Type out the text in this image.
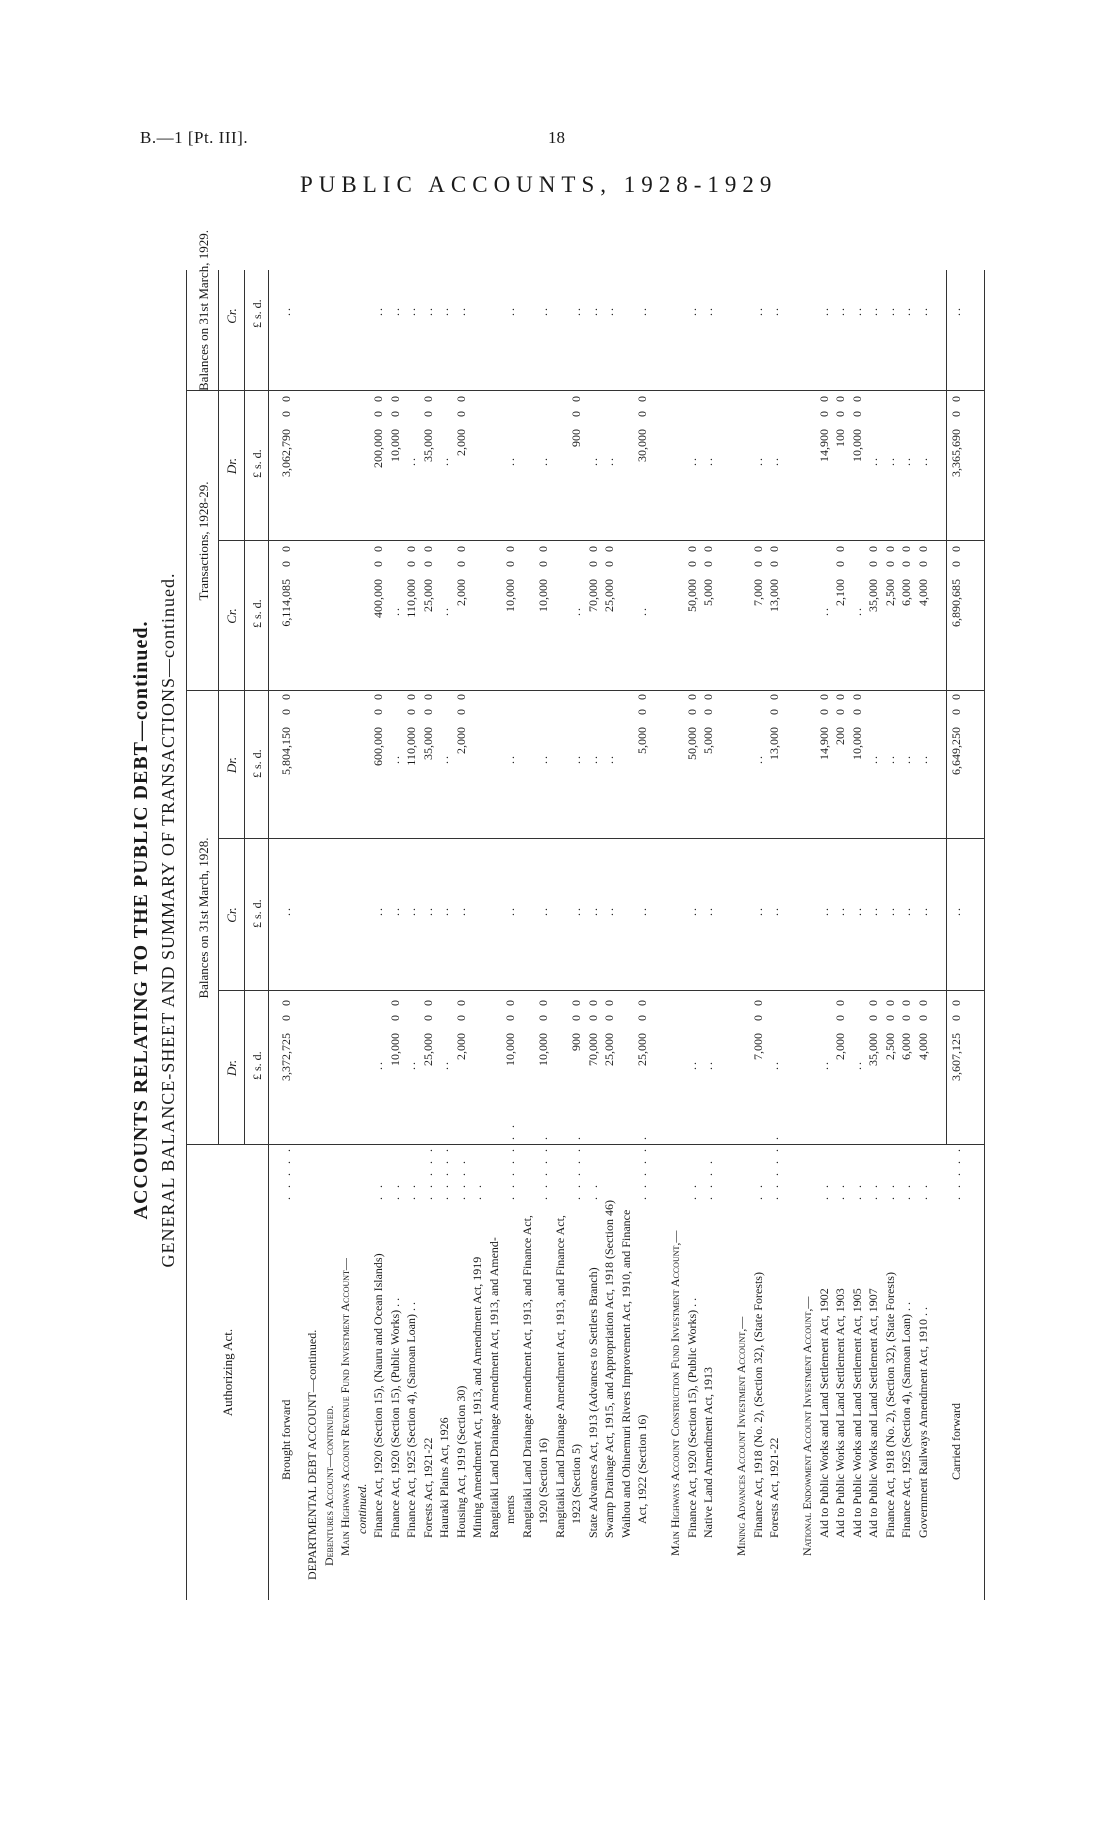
B.—1 [Pt. III].	18
PUBLIC ACCOUNTS, 1928-1929
ACCOUNTS RELATING TO THE PUBLIC DEBT—continued. GENERAL BALANCE-SHEET AND SUMMARY OF TRANSACTIONS—continued.
Authorizing Act.
Balances on 31st March, 1928.
Transactions, 1928-29.
Balances on 31st March, 1929.
Dr.
Cr.
Dr.
Cr.
Dr.
Cr.
£ s. d.
£ s. d.
£ s. d.
£ s. d.
£ s. d.
£ s. d.
Brought forward
. . . . .
3,372,725
0
0
..
5,804,150
0
0
6,114,085
0
0
3,062,790
0
0
..
DEPARTMENTAL DEBT ACCOUNT—continued. Debentures Account—continued. Main Highways Account Revenue Fund Investment Account— continued. Finance Act, 1920 (Section 15), (Nauru and Ocean Islands)
. .
..
..
600,000
0
0
400,000
0
0
200,000
0
0
..
Finance Act, 1920 (Section 15), (Public Works) . .
. .
10,000
0
0
..
..
..
10,000
0
0
..
Finance Act, 1925 (Section 4), (Samoan Loan) . .
. .
..
..
110,000
0
0
110,000
0
0
..
..
Forests Act, 1921-22
. . . . .
25,000
0
0
..
35,000
0
0
25,000
0
0
35,000
0
0
..
Hauraki Plains Act, 1926
. . . . .
..
..
..
..
..
..
Housing Act, 1919 (Section 30)
. . . .
2,000
0
0
..
2,000
0
0
2,000
0
0
2,000
0
0
..
Mining Amendment Act, 1913, and Amendment Act, 1919
. .
Rangitaiki Land Drainage Amendment Act, 1913, and Amend- ments
. . . . . . .
10,000
0
0
..
..
10,000
0
0
..
..
Rangitaiki Land Drainage Amendment Act, 1913, and Finance Act, 1920 (Section 16)
. . . . . .
10,000
0
0
..
..
10,000
0
0
..
..
Rangitaiki Land Drainage Amendment Act, 1913, and Finance Act, 1923 (Section 5)
. . . . . .
900
0
0
..
..
..
900
0
0
..
State Advances Act, 1913 (Advances to Settlers Branch)
. .
70,000
0
0
..
..
70,000
0
0
..
..
Swamp Drainage Act, 1915, and Appropriation Act, 1918 (Section 46)
25,000
0
0
..
..
25,000
0
0
..
..
Waihou and Ohinemuri Rivers Improvement Act, 1910, and Finance Act, 1922 (Section 16)
. . . . . .
25,000
0
0
..
5,000
0
0
..
30,000
0
0
..
Main Highways Account Construction Fund Investment Account,— Finance Act, 1920 (Section 15), (Public Works) . .
. .
..
..
50,000
0
0
50,000
0
0
..
..
Native Land Amendment Act, 1913
. . . .
..
..
5,000
0
0
5,000
0
0
..
..
Mining Advances Account Investment Account,— Finance Act, 1918 (No. 2), (Section 32), (State Forests)
. .
7,000
0
0
..
..
7,000
0
0
..
..
Forests Act, 1921-22
. . . . . .
..
..
13,000
0
0
13,000
0
0
..
..
National Endowment Account Investment Account,— Aid to Public Works and Land Settlement Act, 1902
. .
..
..
14,900
0
0
..
14,900
0
0
..
Aid to Public Works and Land Settlement Act, 1903
. .
2,000
0
0
..
200
0
0
2,100
0
0
100
0
0
..
Aid to Public Works and Land Settlement Act, 1905
. .
..
..
10,000
0
0
..
10,000
0
0
..
Aid to Public Works and Land Settlement Act, 1907
. .
35,000
0
0
..
..
35,000
0
0
..
..
Finance Act, 1918 (No. 2), (Section 32), (State Forests)
. .
2,500
0
0
..
..
2,500
0
0
..
..
Finance Act, 1925 (Section 4), (Samoan Loan) . .
. .
6,000
0
0
..
..
6,000
0
0
..
..
Government Railways Amendment Act, 1910 . .
. .
4,000
0
0
..
..
4,000
0
0
..
..
Carried forward
. . . . .
3,607,125
0
0
..
6,649,250
0
0
6,890,685
0
0
3,365,690
0
0
..
